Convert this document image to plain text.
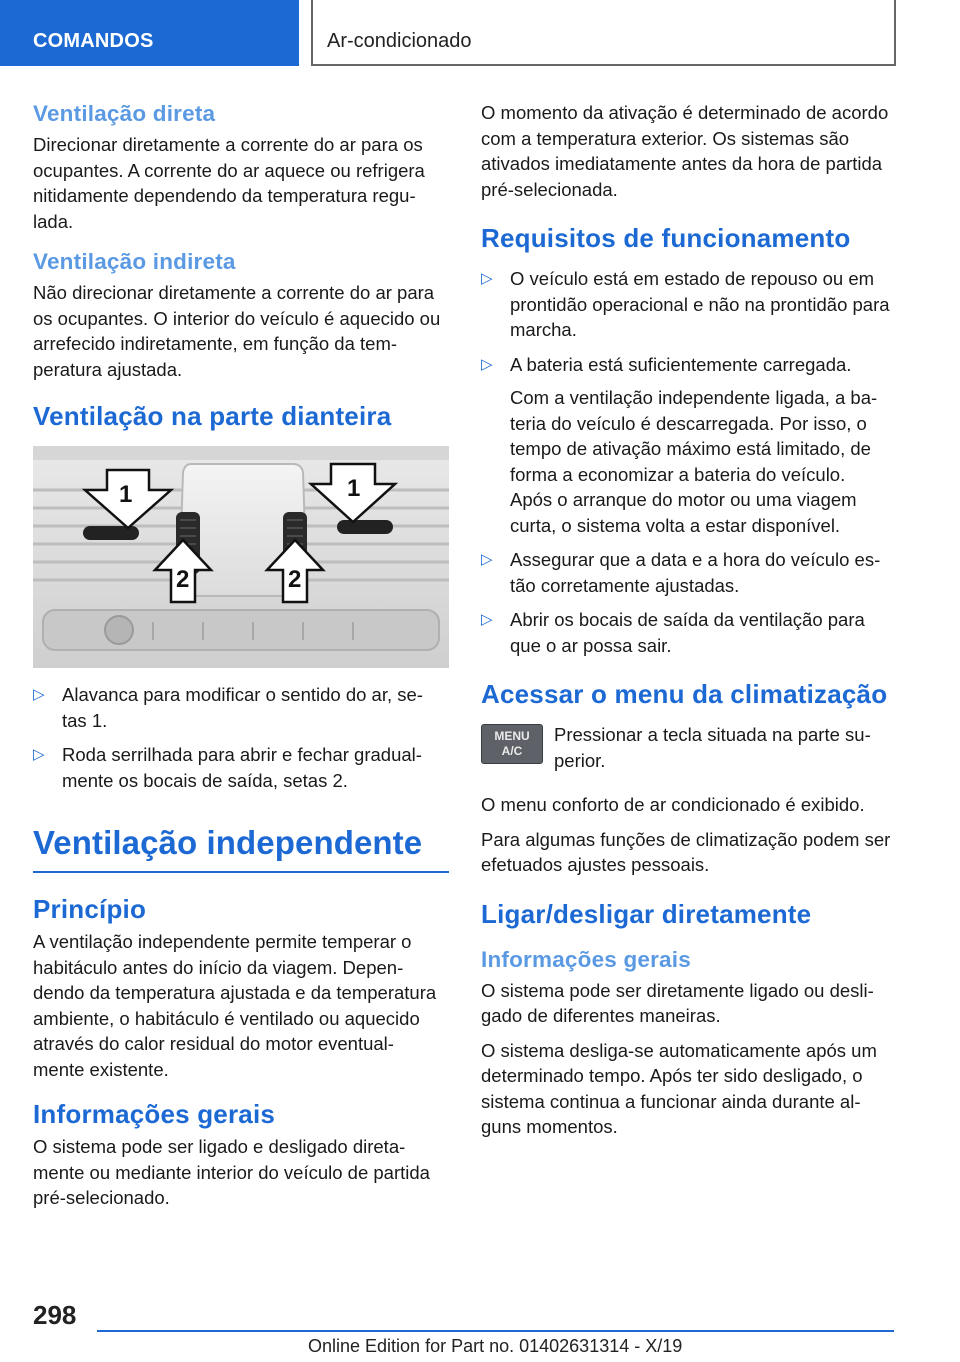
COMANDOS	Ar-condicionado
Ventilação direta

Direcionar diretamente a corrente do ar para os ocupantes. A corrente do ar aquece ou refrigera nitidamente dependendo da temperatura regu- lada.

Ventilação indireta

Não direcionar diretamente a corrente do ar para os ocupantes. O interior do veículo é aquecido ou arrefecido indiretamente, em função da tem- peratura ajustada.

Ventilação na parte dianteira
1	1
2	2
▷ Alavanca para modificar o sentido do ar, se- tas 1.
▷ Roda serrilhada para abrir e fechar gradual- mente os bocais de saída, setas 2.
Ventilação independente
Princípio

A ventilação independente permite temperar o habitáculo antes do início da viagem. Depen- dendo da temperatura ajustada e da temperatura ambiente, o habitáculo é ventilado ou aquecido através do calor residual do motor eventual- mente existente.

Informações gerais

O sistema pode ser ligado e desligado direta- mente ou mediante interior do veículo de partida pré-selecionado.

O momento da ativação é determinado de acordo com a temperatura exterior. Os sistemas são ativados imediatamente antes da hora de partida pré-selecionada.

Requisitos de funcionamento
▷ O veículo está em estado de repouso ou em prontidão operacional e não na prontidão para marcha.
▷ A bateria está suficientemente carregada.
Com a ventilação independente ligada, a ba- teria do veículo é descarregada. Por isso, o tempo de ativação máximo está limitado, de forma a economizar a bateria do veículo. Após o arranque do motor ou uma viagem curta, o sistema volta a estar disponível.
▷ Assegurar que a data e a hora do veículo es- tão corretamente ajustadas.
▷ Abrir os bocais de saída da ventilação para que o ar possa sair.
Acessar o menu da climatização
MENU
A/C
Pressionar a tecla situada na parte su- perior.

O menu conforto de ar condicionado é exibido.

Para algumas funções de climatização podem ser efetuados ajustes pessoais.

Ligar/desligar diretamente
Informações gerais

O sistema pode ser diretamente ligado ou desli- gado de diferentes maneiras.

O sistema desliga-se automaticamente após um determinado tempo. Após ter sido desligado, o sistema continua a funcionar ainda durante al- guns momentos.

298
Online Edition for Part no. 01402631314 - X/19
